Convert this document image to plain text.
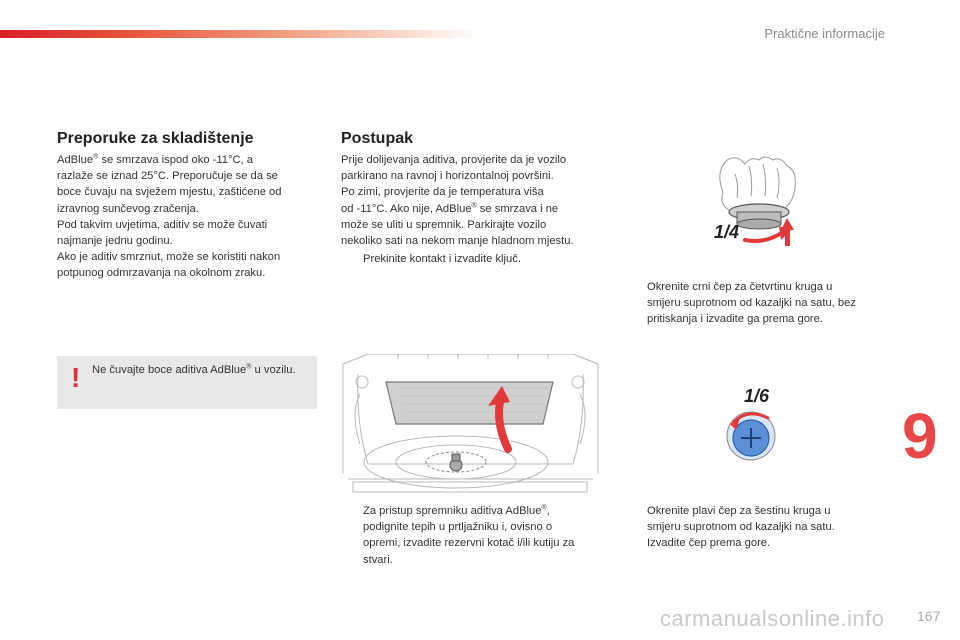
Praktične informacije
Preporuke za skladištenje
AdBlue® se smrzava ispod oko -11°C, a
razlaže se iznad 25°C. Preporučuje se da se
boce čuvaju na svježem mjestu, zaštićene od
izravnog sunčevog zračenja.
Pod takvim uvjetima, aditiv se može čuvati
najmanje jednu godinu.
Ako je aditiv smrznut, može se koristiti nakon
potpunog odmrzavanja na okolnom zraku.
! Ne čuvajte boce aditiva AdBlue® u vozilu.
Postupak
Prije dolijevanja aditiva, provjerite da je vozilo
parkirano na ravnoj i horizontalnoj površini.
Po zimi, provjerite da je temperatura viša
od -11°C. Ako nije, AdBlue® se smrzava i ne
može se uliti u spremnik. Parkirajte vozilo
nekoliko sati na nekom manje hladnom mjestu.
Prekinite kontakt i izvadite ključ.
Za pristup spremniku aditiva AdBlue®,
podignite tepih u prtljažniku i, ovisno o
opremi, izvadite rezervni kotač i/ili kutiju za
stvari.
1/4
Okrenite crni čep za četvrtinu kruga u
smjeru suprotnom od kazaljki na satu, bez
pritiskanja i izvadite ga prema gore.
1/6
Okrenite plavi čep za šestinu kruga u
smjeru suprotnom od kazaljki na satu.
Izvadite čep prema gore.
9
carmanualsonline.info 167
